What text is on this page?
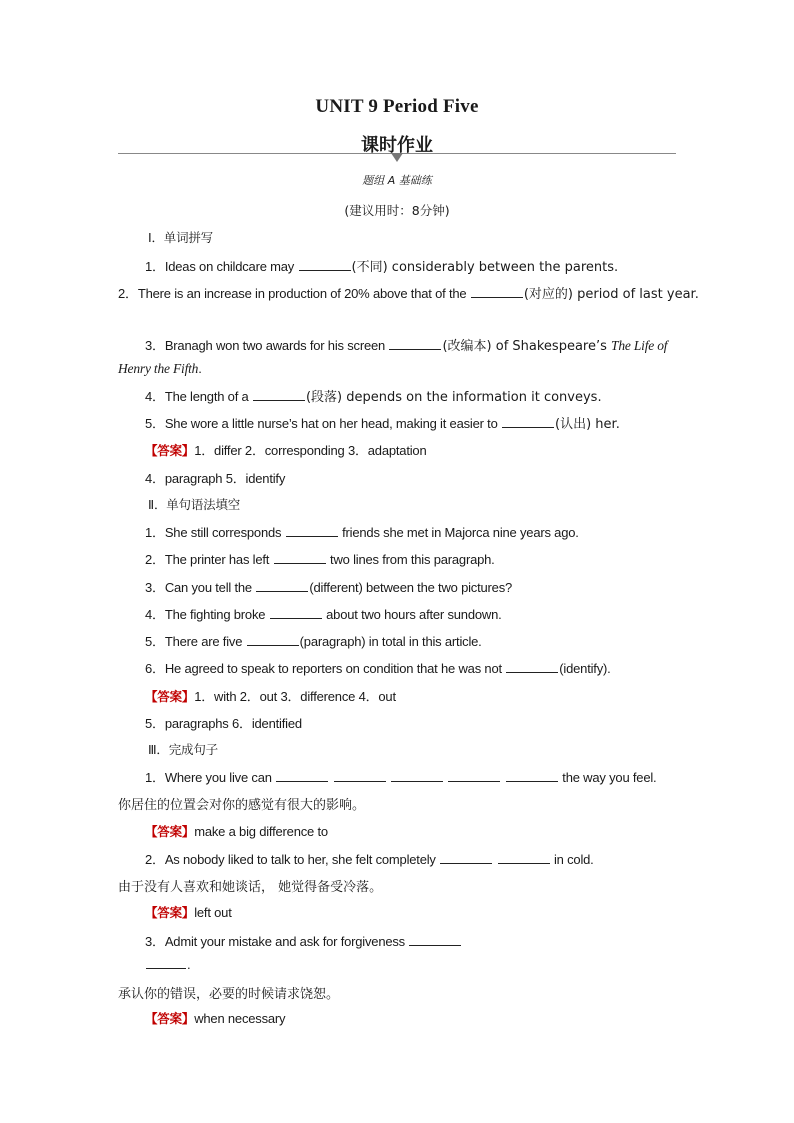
UNIT 9 Period Five
课时作业
题组 A 基础练
(建议用时：8分钟)
Ⅰ．单词拼写
1．Ideas on childcare may	(不同) considerably between the parents.
2．There is an increase in production of 20% above that of the	(对应的) period of last year.
3．Branagh won two awards for his screen	(改编本) of Shakespeare’s The Life of
Henry the Fifth.
4．The length of a	(段落) depends on the information it conveys.
5．She wore a little nurse’s hat on her head, making it easier to	(认出) her.
【答案】1．differ 2．corresponding 3．adaptation
4．paragraph 5．identify
Ⅱ．单句语法填空
1．She still corresponds	friends she met in Majorca nine years ago.
2．The printer has left	two lines from this paragraph.
3．Can you tell the	(different) between the two pictures?
4．The fighting broke	about two hours after sundown.
5．There are five	(paragraph) in total in this article.
6．He agreed to speak to reporters on condition that he was not	(identify).
【答案】1．with 2．out 3．difference 4．out
5．paragraphs 6．identified
Ⅲ．完成句子
1．Where you live can	the way you feel.
你居住的位置会对你的感觉有很大的影响。
【答案】make a big difference to
2．As nobody liked to talk to her, she felt completely	in cold.
由于没有人喜欢和她谈话， 她觉得备受冷落。
【答案】left out
3．Admit your mistake and ask for forgiveness
.
承认你的错误，必要的时候请求饶恕。
【答案】when necessary
